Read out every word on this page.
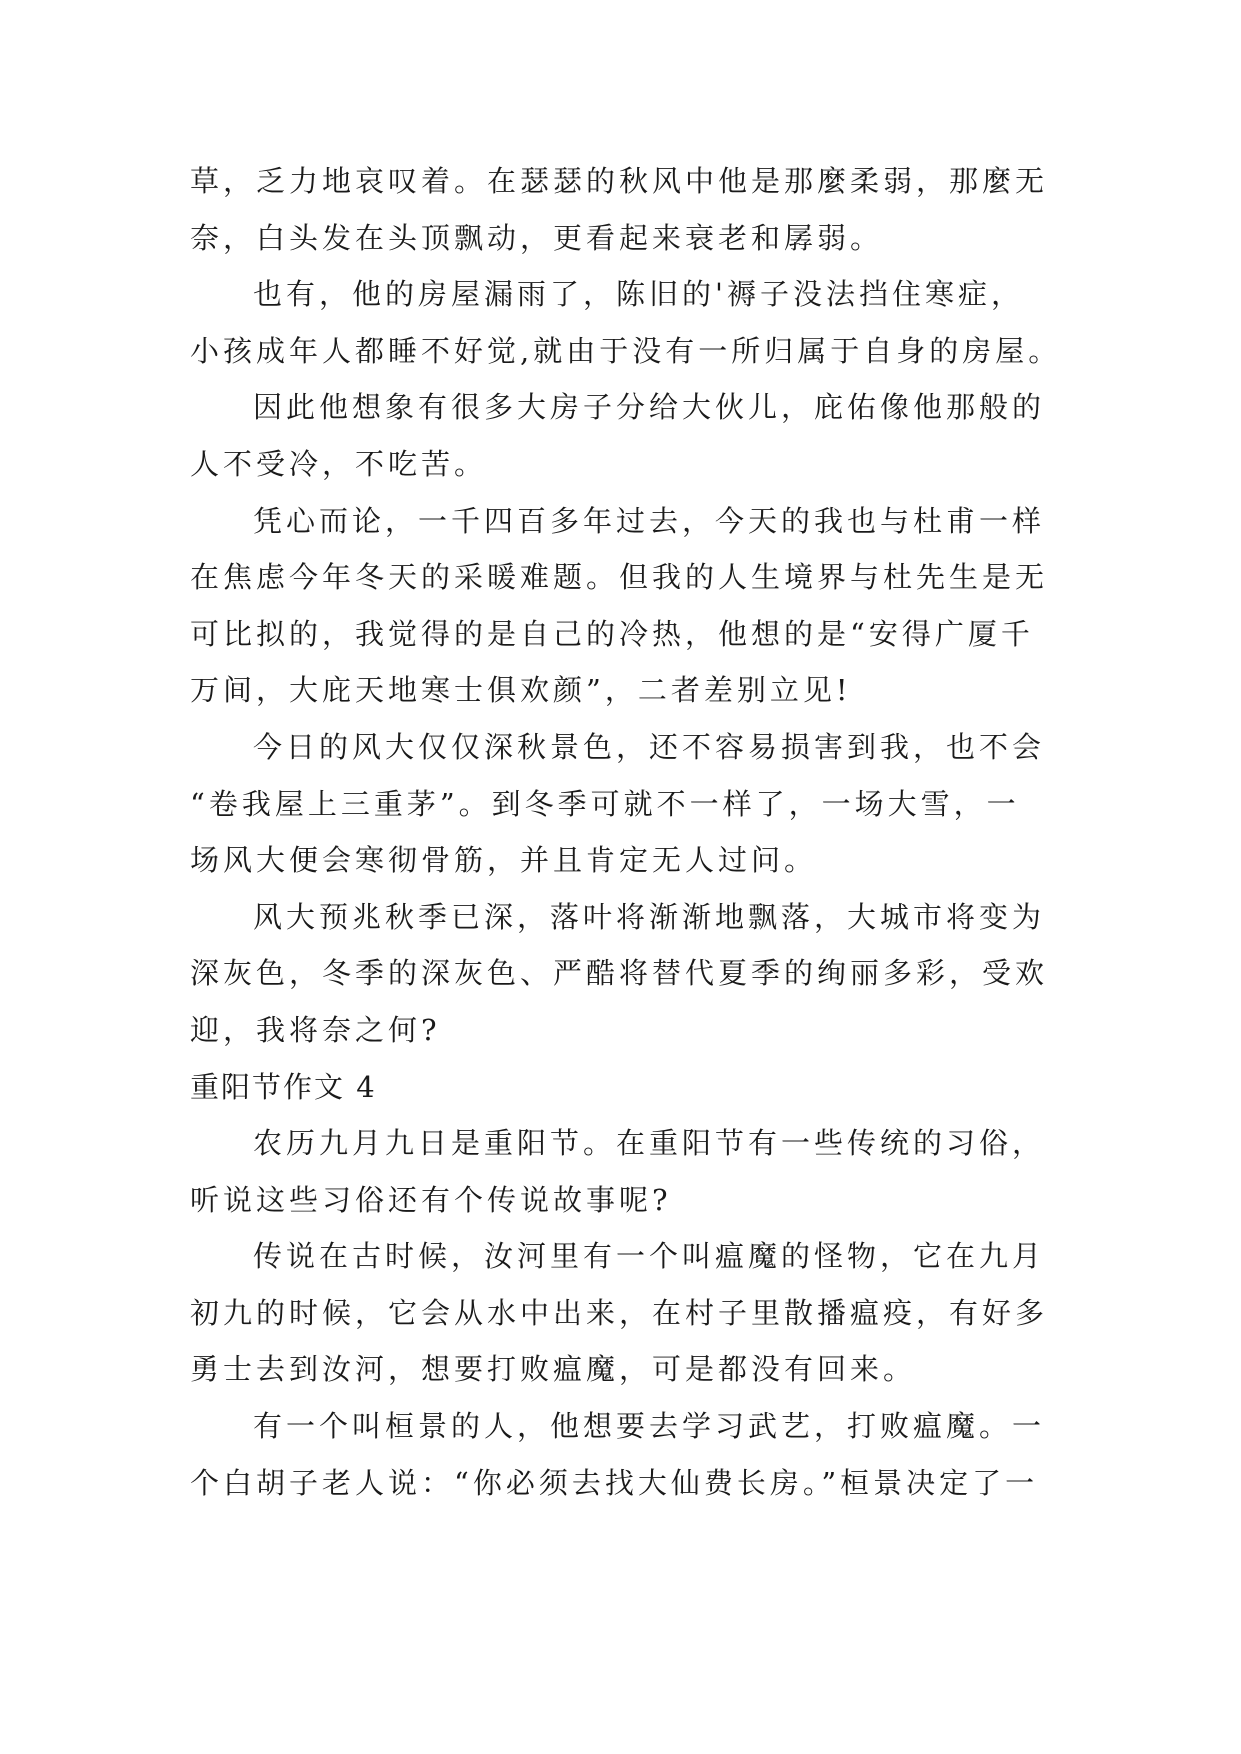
草，乏力地哀叹着。在瑟瑟的秋风中他是那麼柔弱，那麼无
奈，白头发在头顶飘动，更看起来衰老和孱弱。
也有，他的房屋漏雨了，陈旧的'褥子没法挡住寒症，
小孩成年人都睡不好觉,就由于没有一所归属于自身的房屋。
因此他想象有很多大房子分给大伙儿，庇佑像他那般的
人不受冷，不吃苦。
凭心而论，一千四百多年过去，今天的我也与杜甫一样
在焦虑今年冬天的采暖难题。但我的人生境界与杜先生是无
可比拟的，我觉得的是自己的冷热，他想的是“安得广厦千
万间，大庇天地寒士俱欢颜”，二者差别立见!
今日的风大仅仅深秋景色，还不容易损害到我，也不会
“卷我屋上三重茅”。到冬季可就不一样了，一场大雪，一
场风大便会寒彻骨筋，并且肯定无人过问。
风大预兆秋季已深，落叶将渐渐地飘落，大城市将变为
深灰色，冬季的深灰色、严酷将替代夏季的绚丽多彩，受欢
迎，我将奈之何?
重阳节作文 4
农历九月九日是重阳节。在重阳节有一些传统的习俗，
听说这些习俗还有个传说故事呢?
传说在古时候，汝河里有一个叫瘟魔的怪物，它在九月
初九的时候，它会从水中出来，在村子里散播瘟疫，有好多
勇士去到汝河，想要打败瘟魔，可是都没有回来。
有一个叫桓景的人，他想要去学习武艺，打败瘟魔。一
个白胡子老人说：“你必须去找大仙费长房。”桓景决定了一
